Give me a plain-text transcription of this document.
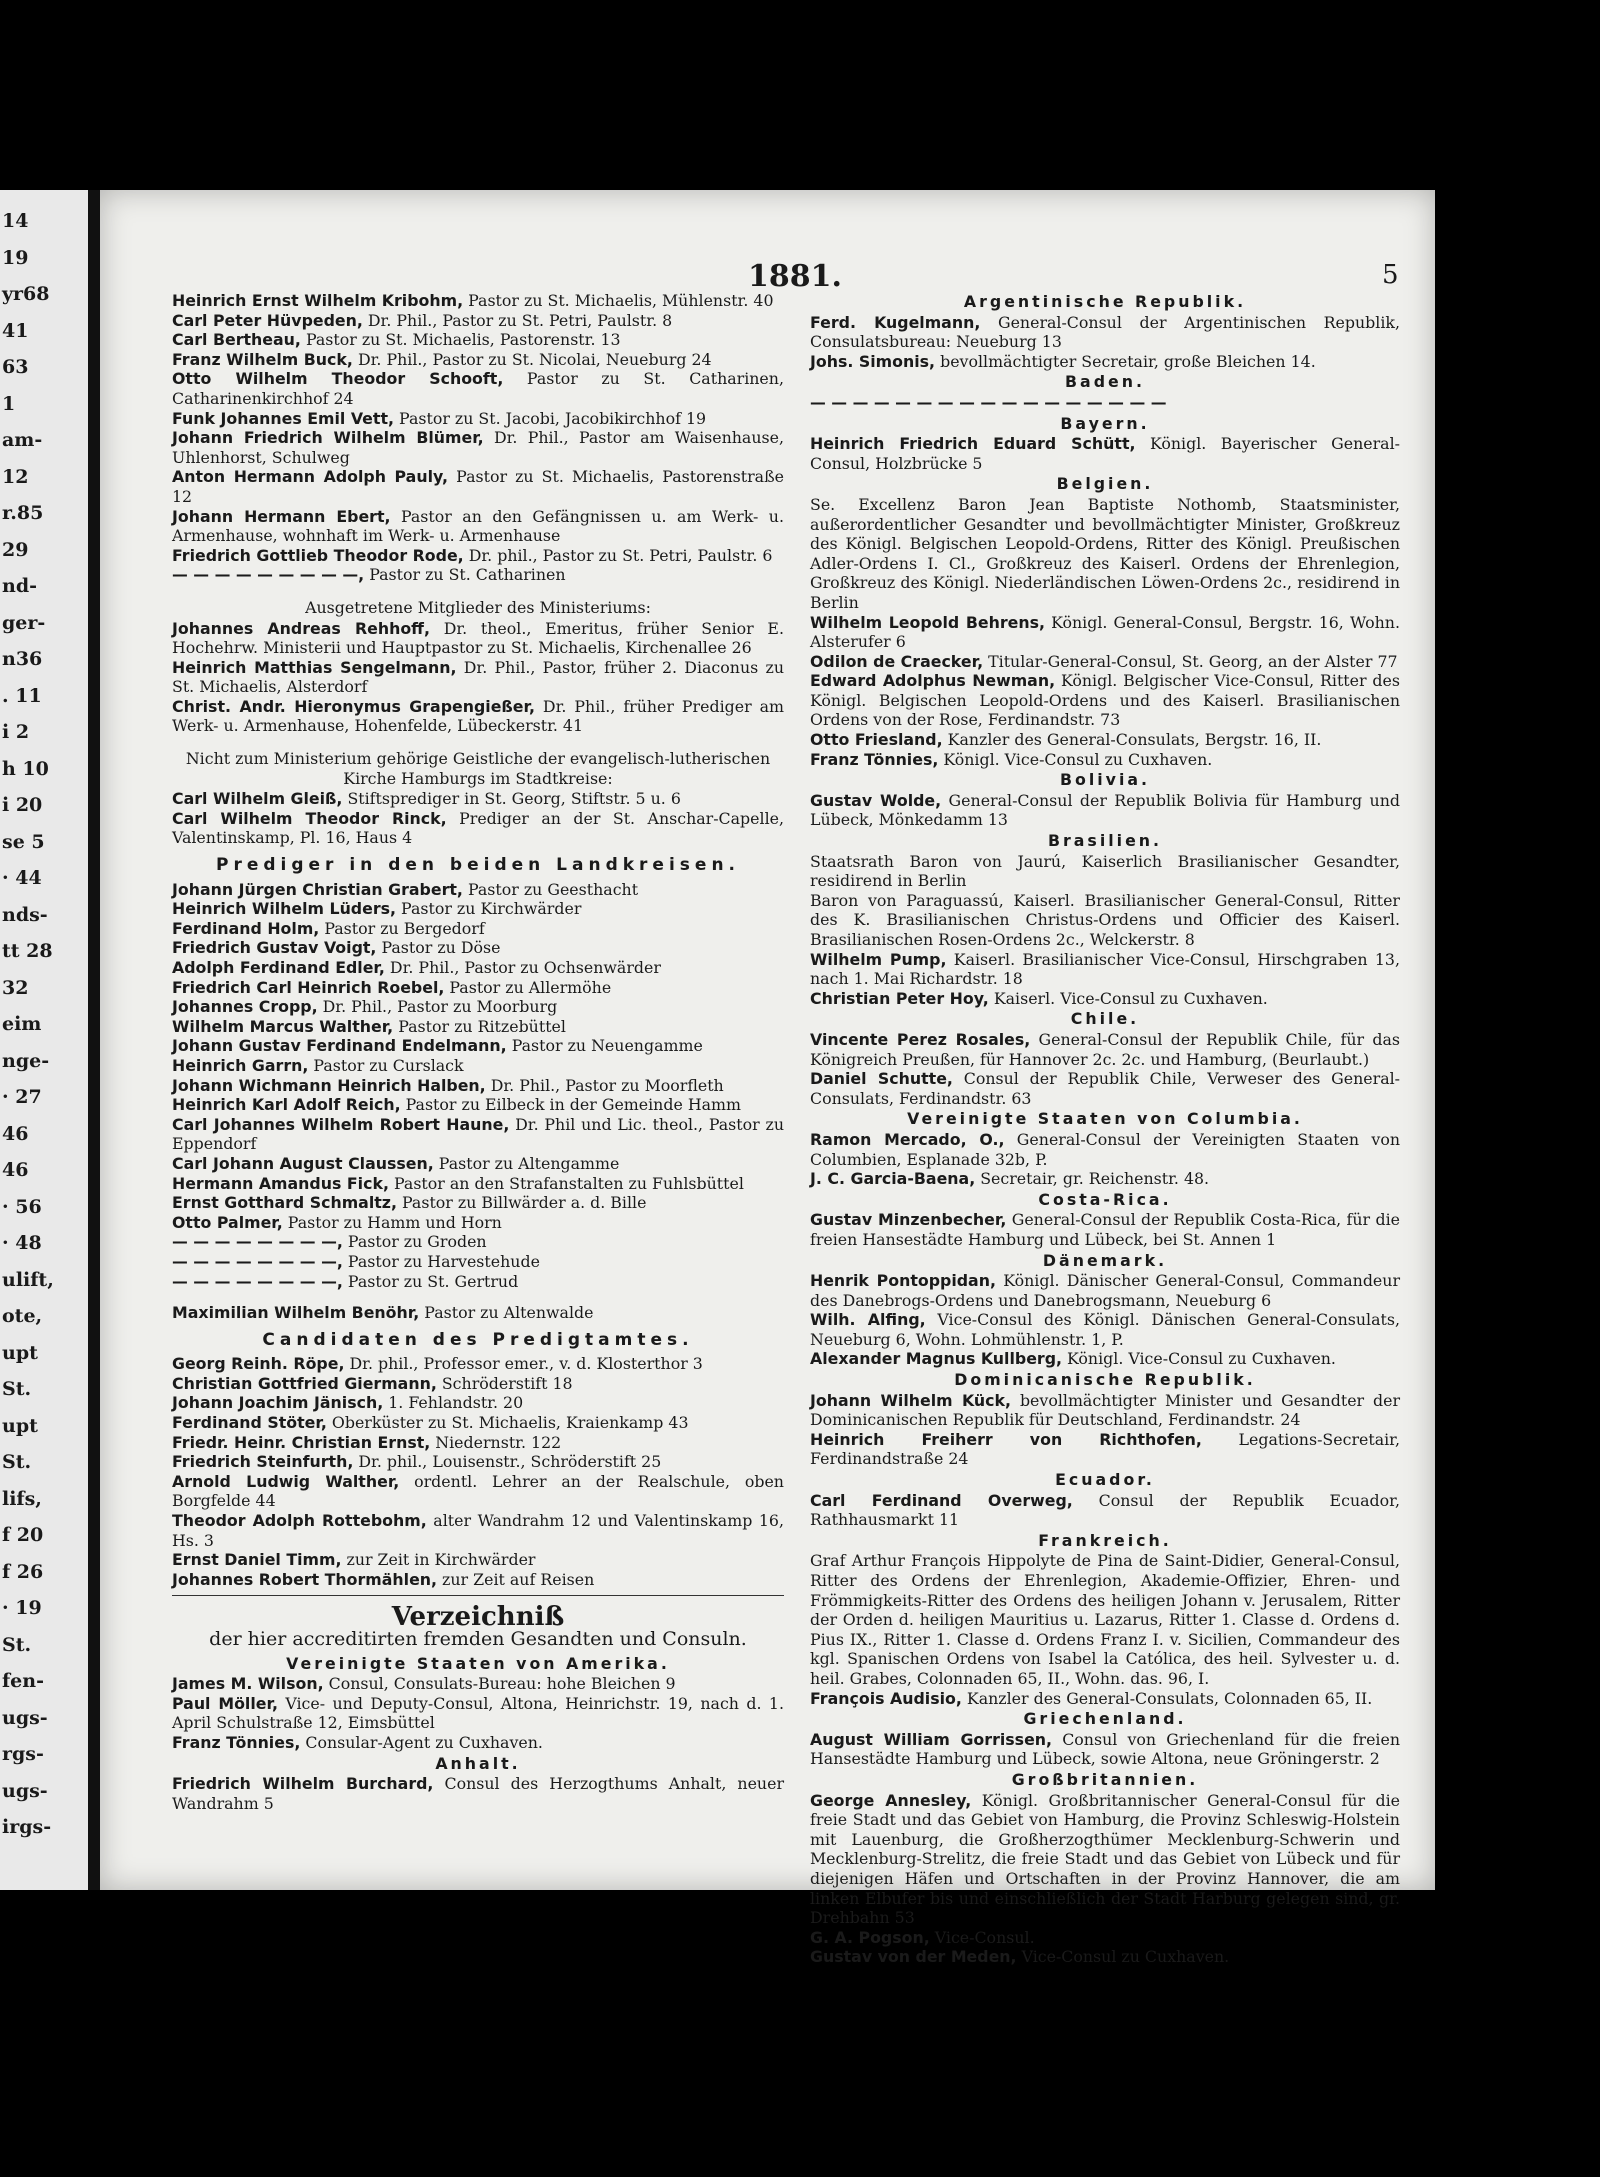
14
19
yr68
41
63
1
am-
12
r.85
29
nd-
ger-
n36
. 11
i 2
h 10
i 20
se 5
· 44
nds-
tt 28
32
eim
nge-
· 27
46
46
· 56
· 48
ulift,
ote,
upt
St.
upt
St.
lifs,
f 20
f 26
· 19
St.
fen-
ugs-
rgs-
ugs-
irgs-
1881.	5

Heinrich Ernst Wilhelm Kribohm, Pastor zu St. Michaelis, Mühlenstr. 40

Carl Peter Hüvpeden, Dr. Phil., Pastor zu St. Petri, Paulstr. 8

Carl Bertheau, Pastor zu St. Michaelis, Pastorenstr. 13

Franz Wilhelm Buck, Dr. Phil., Pastor zu St. Nicolai, Neueburg 24

Otto Wilhelm Theodor Schooft, Pastor zu St. Catharinen, Catharinenkirchhof 24

Funk Johannes Emil Vett, Pastor zu St. Jacobi, Jacobikirchhof 19

Johann Friedrich Wilhelm Blümer, Dr. Phil., Pastor am Waisenhause, Uhlenhorst, Schulweg

Anton Hermann Adolph Pauly, Pastor zu St. Michaelis, Pastorenstraße 12

Johann Hermann Ebert, Pastor an den Gefängnissen u. am Werk- u. Armenhause, wohnhaft im Werk- u. Armenhause

Friedrich Gottlieb Theodor Rode, Dr. phil., Pastor zu St. Petri, Paulstr. 6

— — — — — — — — —, Pastor zu St. Catharinen

Ausgetretene Mitglieder des Ministeriums:

Johannes Andreas Rehhoff, Dr. theol., Emeritus, früher Senior E. Hochehrw. Ministerii und Hauptpastor zu St. Michaelis, Kirchenallee 26

Heinrich Matthias Sengelmann, Dr. Phil., Pastor, früher 2. Diaconus zu St. Michaelis, Alsterdorf

Christ. Andr. Hieronymus Grapengießer, Dr. Phil., früher Prediger am Werk- u. Armenhause, Hohenfelde, Lübeckerstr. 41

Nicht zum Ministerium gehörige Geistliche der evangelisch-lutherischen Kirche Hamburgs im Stadtkreise:

Carl Wilhelm Gleiß, Stiftsprediger in St. Georg, Stiftstr. 5 u. 6

Carl Wilhelm Theodor Rinck, Prediger an der St. Anschar-Capelle, Valentinskamp, Pl. 16, Haus 4

Prediger in den beiden Landkreisen.

Johann Jürgen Christian Grabert, Pastor zu Geesthacht

Heinrich Wilhelm Lüders, Pastor zu Kirchwärder

Ferdinand Holm, Pastor zu Bergedorf

Friedrich Gustav Voigt, Pastor zu Döse

Adolph Ferdinand Edler, Dr. Phil., Pastor zu Ochsenwärder

Friedrich Carl Heinrich Roebel, Pastor zu Allermöhe

Johannes Cropp, Dr. Phil., Pastor zu Moorburg

Wilhelm Marcus Walther, Pastor zu Ritzebüttel

Johann Gustav Ferdinand Endelmann, Pastor zu Neuengamme

Heinrich Garrn, Pastor zu Curslack

Johann Wichmann Heinrich Halben, Dr. Phil., Pastor zu Moorfleth

Heinrich Karl Adolf Reich, Pastor zu Eilbeck in der Gemeinde Hamm

Carl Johannes Wilhelm Robert Haune, Dr. Phil und Lic. theol., Pastor zu Eppendorf

Carl Johann August Claussen, Pastor zu Altengamme

Hermann Amandus Fick, Pastor an den Strafanstalten zu Fuhlsbüttel

Ernst Gotthard Schmaltz, Pastor zu Billwärder a. d. Bille

Otto Palmer, Pastor zu Hamm und Horn

— — — — — — — —, Pastor zu Groden

— — — — — — — —, Pastor zu Harvestehude

— — — — — — — —, Pastor zu St. Gertrud

Maximilian Wilhelm Benöhr, Pastor zu Altenwalde

Candidaten des Predigtamtes.

Georg Reinh. Röpe, Dr. phil., Professor emer., v. d. Klosterthor 3

Christian Gottfried Giermann, Schröderstift 18

Johann Joachim Jänisch, 1. Fehlandstr. 20

Ferdinand Stöter, Oberküster zu St. Michaelis, Kraienkamp 43

Friedr. Heinr. Christian Ernst, Niedernstr. 122

Friedrich Steinfurth, Dr. phil., Louisenstr., Schröderstift 25

Arnold Ludwig Walther, ordentl. Lehrer an der Realschule, oben Borgfelde 44

Theodor Adolph Rottebohm, alter Wandrahm 12 und Valentinskamp 16, Hs. 3

Ernst Daniel Timm, zur Zeit in Kirchwärder

Johannes Robert Thormählen, zur Zeit auf Reisen

Verzeichniß
der hier accreditirten fremden Gesandten und Consuln.
Vereinigte Staaten von Amerika.

James M. Wilson, Consul, Consulats-Bureau: hohe Bleichen 9

Paul Möller, Vice- und Deputy-Consul, Altona, Heinrichstr. 19, nach d. 1. April Schulstraße 12, Eimsbüttel

Franz Tönnies, Consular-Agent zu Cuxhaven.

Anhalt.

Friedrich Wilhelm Burchard, Consul des Herzogthums Anhalt, neuer Wandrahm 5

Argentinische Republik.

Ferd. Kugelmann, General-Consul der Argentinischen Republik, Consulatsbureau: Neueburg 13

Johs. Simonis, bevollmächtigter Secretair, große Bleichen 14.

Baden.

— — — — — — — — — — — — — — — — —

Bayern.

Heinrich Friedrich Eduard Schütt, Königl. Bayerischer General-Consul, Holzbrücke 5

Belgien.

Se. Excellenz Baron Jean Baptiste Nothomb, Staatsminister, außerordentlicher Gesandter und bevollmächtigter Minister, Großkreuz des Königl. Belgischen Leopold-Ordens, Ritter des Königl. Preußischen Adler-Ordens I. Cl., Großkreuz des Kaiserl. Ordens der Ehrenlegion, Großkreuz des Königl. Niederländischen Löwen-Ordens 2c., residirend in Berlin

Wilhelm Leopold Behrens, Königl. General-Consul, Bergstr. 16, Wohn. Alsterufer 6

Odilon de Craecker, Titular-General-Consul, St. Georg, an der Alster 77

Edward Adolphus Newman, Königl. Belgischer Vice-Consul, Ritter des Königl. Belgischen Leopold-Ordens und des Kaiserl. Brasilianischen Ordens von der Rose, Ferdinandstr. 73

Otto Friesland, Kanzler des General-Consulats, Bergstr. 16, II.

Franz Tönnies, Königl. Vice-Consul zu Cuxhaven.

Bolivia.

Gustav Wolde, General-Consul der Republik Bolivia für Hamburg und Lübeck, Mönkedamm 13

Brasilien.

Staatsrath Baron von Jaurú, Kaiserlich Brasilianischer Gesandter, residirend in Berlin

Baron von Paraguassú, Kaiserl. Brasilianischer General-Consul, Ritter des K. Brasilianischen Christus-Ordens und Officier des Kaiserl. Brasilianischen Rosen-Ordens 2c., Welckerstr. 8

Wilhelm Pump, Kaiserl. Brasilianischer Vice-Consul, Hirschgraben 13, nach 1. Mai Richardstr. 18

Christian Peter Hoy, Kaiserl. Vice-Consul zu Cuxhaven.

Chile.

Vincente Perez Rosales, General-Consul der Republik Chile, für das Königreich Preußen, für Hannover 2c. 2c. und Hamburg, (Beurlaubt.)

Daniel Schutte, Consul der Republik Chile, Verweser des General-Consulats, Ferdinandstr. 63

Vereinigte Staaten von Columbia.

Ramon Mercado, O., General-Consul der Vereinigten Staaten von Columbien, Esplanade 32b, P.

J. C. Garcia-Baena, Secretair, gr. Reichenstr. 48.

Costa-Rica.

Gustav Minzenbecher, General-Consul der Republik Costa-Rica, für die freien Hansestädte Hamburg und Lübeck, bei St. Annen 1

Dänemark.

Henrik Pontoppidan, Königl. Dänischer General-Consul, Commandeur des Danebrogs-Ordens und Danebrogsmann, Neueburg 6

Wilh. Alfing, Vice-Consul des Königl. Dänischen General-Consulats, Neueburg 6, Wohn. Lohmühlenstr. 1, P.

Alexander Magnus Kullberg, Königl. Vice-Consul zu Cuxhaven.

Dominicanische Republik.

Johann Wilhelm Kück, bevollmächtigter Minister und Gesandter der Dominicanischen Republik für Deutschland, Ferdinandstr. 24

Heinrich Freiherr von Richthofen, Legations-Secretair, Ferdinandstraße 24

Ecuador.

Carl Ferdinand Overweg, Consul der Republik Ecuador, Rathhausmarkt 11

Frankreich.

Graf Arthur François Hippolyte de Pina de Saint-Didier, General-Consul, Ritter des Ordens der Ehrenlegion, Akademie-Offizier, Ehren- und Frömmigkeits-Ritter des Ordens des heiligen Johann v. Jerusalem, Ritter der Orden d. heiligen Mauritius u. Lazarus, Ritter 1. Classe d. Ordens d. Pius IX., Ritter 1. Classe d. Ordens Franz I. v. Sicilien, Commandeur des kgl. Spanischen Ordens von Isabel la Católica, des heil. Sylvester u. d. heil. Grabes, Colonnaden 65, II., Wohn. das. 96, I.

François Audisio, Kanzler des General-Consulats, Colonnaden 65, II.

Griechenland.

August William Gorrissen, Consul von Griechenland für die freien Hansestädte Hamburg und Lübeck, sowie Altona, neue Gröningerstr. 2

Großbritannien.

George Annesley, Königl. Großbritannischer General-Consul für die freie Stadt und das Gebiet von Hamburg, die Provinz Schleswig-Holstein mit Lauenburg, die Großherzogthümer Mecklenburg-Schwerin und Mecklenburg-Strelitz, die freie Stadt und das Gebiet von Lübeck und für diejenigen Häfen und Ortschaften in der Provinz Hannover, die am linken Elbufer bis und einschließlich der Stadt Harburg gelegen sind, gr. Drehbahn 53

G. A. Pogson, Vice-Consul.

Gustav von der Meden, Vice-Consul zu Cuxhaven.
